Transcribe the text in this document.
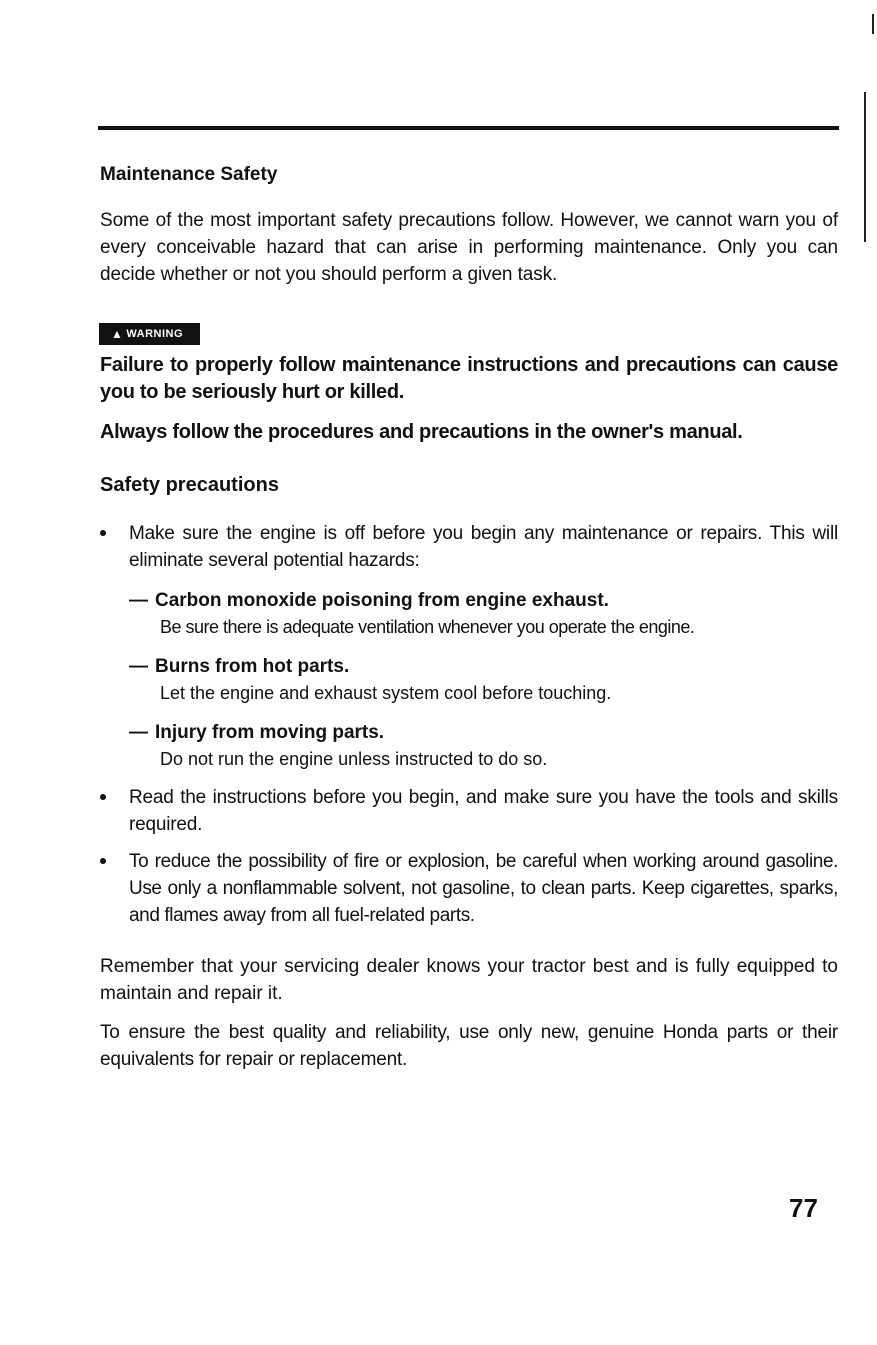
Maintenance Safety
Some of the most important safety precautions follow. However, we cannot warn you of every conceivable hazard that can arise in performing maintenance. Only you can decide whether or not you should perform a given task.
▲ WARNING
Failure to properly follow maintenance instructions and precautions can cause you to be seriously hurt or killed.
Always follow the procedures and precautions in the owner's manual.
Safety precautions
Make sure the engine is off before you begin any maintenance or repairs. This will eliminate several potential hazards:
— Carbon monoxide poisoning from engine exhaust.
Be sure there is adequate ventilation whenever you operate the engine.
— Burns from hot parts.
Let the engine and exhaust system cool before touching.
— Injury from moving parts.
Do not run the engine unless instructed to do so.
Read the instructions before you begin, and make sure you have the tools and skills required.
To reduce the possibility of fire or explosion, be careful when working around gasoline. Use only a nonflammable solvent, not gasoline, to clean parts. Keep cigarettes, sparks, and flames away from all fuel-related parts.
Remember that your servicing dealer knows your tractor best and is fully equipped to maintain and repair it.
To ensure the best quality and reliability, use only new, genuine Honda parts or their equivalents for repair or replacement.
77
